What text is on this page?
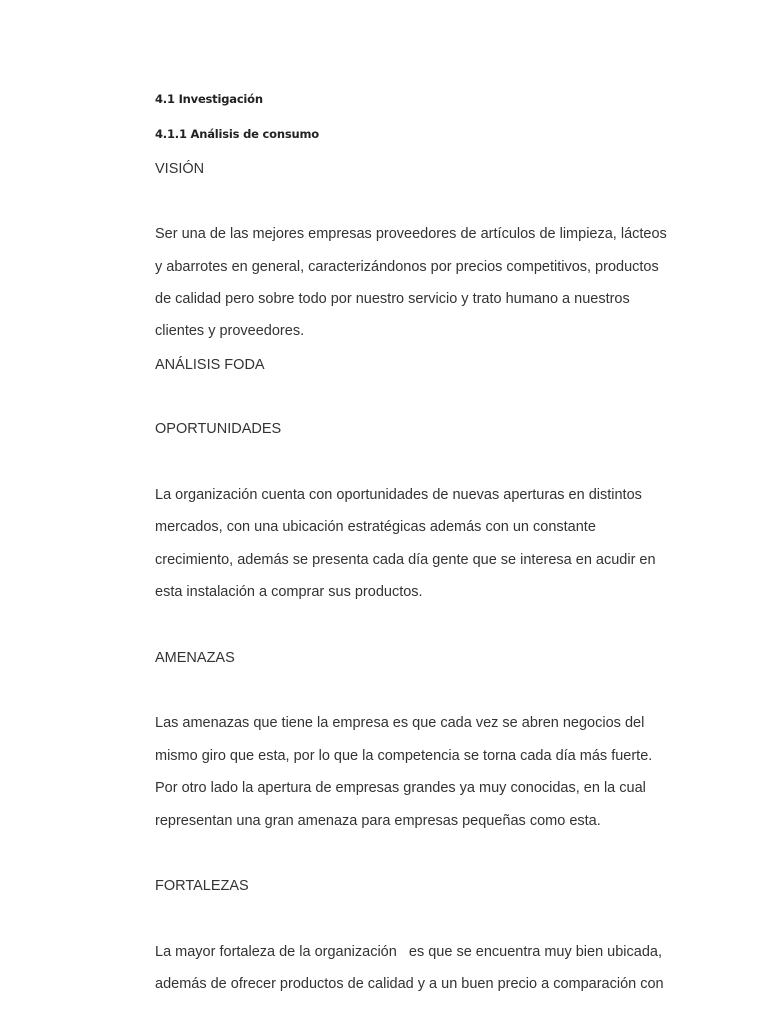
4.1 Investigación

4.1.1 Análisis de consumo

VISIÓN

Ser una de las mejores empresas proveedores de artículos de limpieza, lácteos

y abarrotes en general, caracterizándonos por precios competitivos, productos

de calidad pero sobre todo por nuestro servicio y trato humano a nuestros

clientes y proveedores.

ANÁLISIS FODA

OPORTUNIDADES

La organización cuenta con oportunidades de nuevas aperturas en distintos

mercados, con una ubicación estratégicas además con un constante

crecimiento, además se presenta cada día gente que se interesa en acudir en

esta instalación a comprar sus productos.

AMENAZAS

Las amenazas que tiene la empresa es que cada vez se abren negocios del

mismo giro que esta, por lo que la competencia se torna cada día más fuerte.

Por otro lado la apertura de empresas grandes ya muy conocidas, en la cual

representan una gran amenaza para empresas pequeñas como esta.

FORTALEZAS

La mayor fortaleza de la organización   es que se encuentra muy bien ubicada,

además de ofrecer productos de calidad y a un buen precio a comparación con
